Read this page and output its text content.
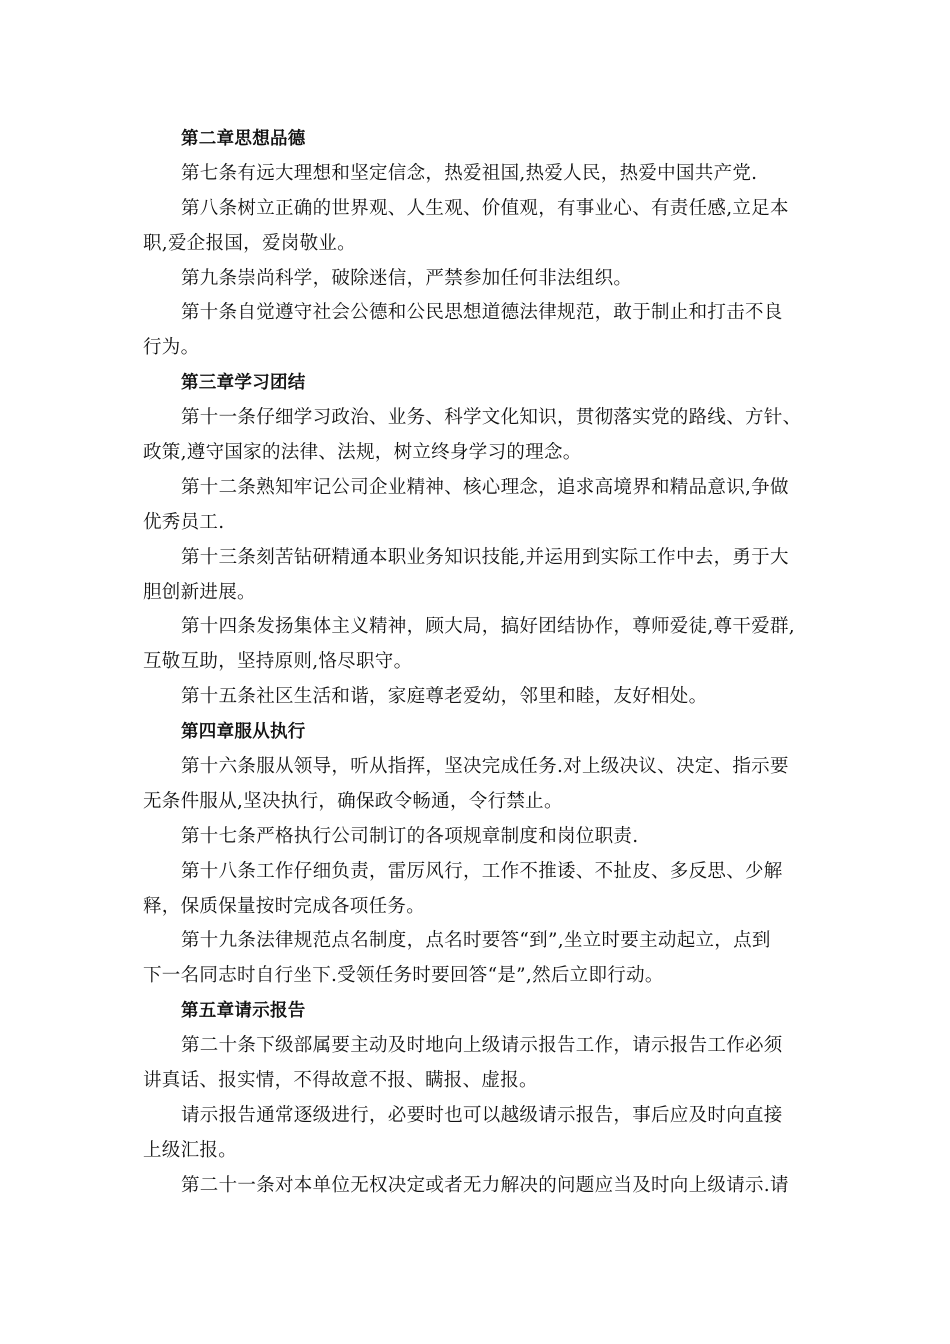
第二章思想品德
第七条有远大理想和坚定信念，热爱祖国,热爱人民，热爱中国共产党.
第八条树立正确的世界观、人生观、价值观，有事业心、有责任感,立足本
职,爱企报国，爱岗敬业。
第九条崇尚科学，破除迷信，严禁参加任何非法组织。
第十条自觉遵守社会公德和公民思想道德法律规范，敢于制止和打击不良
行为。
第三章学习团结
第十一条仔细学习政治、业务、科学文化知识，贯彻落实党的路线、方针、
政策,遵守国家的法律、法规，树立终身学习的理念。
第十二条熟知牢记公司企业精神、核心理念，追求高境界和精品意识,争做
优秀员工.
第十三条刻苦钻研精通本职业务知识技能,并运用到实际工作中去，勇于大
胆创新进展。
第十四条发扬集体主义精神，顾大局，搞好团结协作，尊师爱徒,尊干爱群,
互敬互助，坚持原则,恪尽职守。
第十五条社区生活和谐，家庭尊老爱幼，邻里和睦，友好相处。
第四章服从执行
第十六条服从领导，听从指挥，坚决完成任务.对上级决议、决定、指示要
无条件服从,坚决执行，确保政令畅通，令行禁止。
第十七条严格执行公司制订的各项规章制度和岗位职责.
第十八条工作仔细负责，雷厉风行，工作不推诿、不扯皮、多反思、少解
释，保质保量按时完成各项任务。
第十九条法律规范点名制度，点名时要答“到”,坐立时要主动起立，点到
下一名同志时自行坐下.受领任务时要回答“是”,然后立即行动。
第五章请示报告
第二十条下级部属要主动及时地向上级请示报告工作，请示报告工作必须
讲真话、报实情，不得故意不报、瞒报、虚报。
请示报告通常逐级进行，必要时也可以越级请示报告，事后应及时向直接
上级汇报。
第二十一条对本单位无权决定或者无力解决的问题应当及时向上级请示.请
